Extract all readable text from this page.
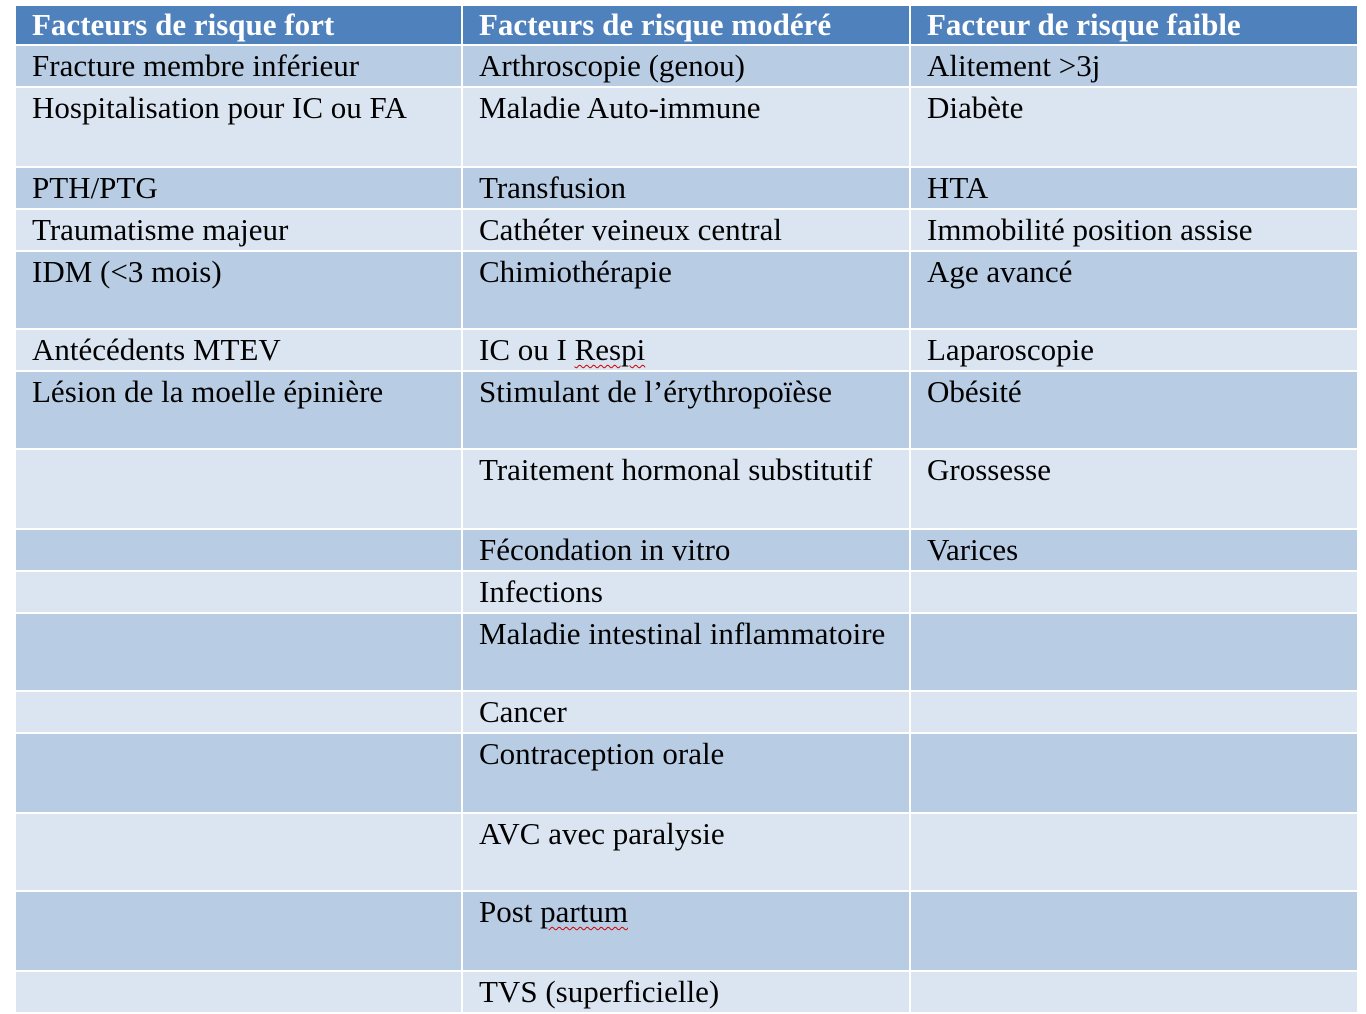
Facteurs de risque fort	Facteurs de risque modéré	Facteur de risque faible
Fracture membre inférieur	Arthroscopie (genou)	Alitement >3j
Hospitalisation pour IC ou FA	Maladie Auto-immune	Diabète
PTH/PTG	Transfusion	HTA
Traumatisme majeur	Cathéter veineux central	Immobilité position assise
IDM (<3 mois)	Chimiothérapie	Age avancé
Antécédents MTEV	IC ou I Respi	Laparoscopie
Lésion de la moelle épinière	Stimulant de l’érythropoïèse	Obésité
	Traitement hormonal substitutif	Grossesse
	Fécondation in vitro	Varices
	Infections	
	Maladie intestinal inflammatoire	
	Cancer	
	Contraception orale	
	AVC avec paralysie	
	Post partum	
	TVS (superficielle)	
